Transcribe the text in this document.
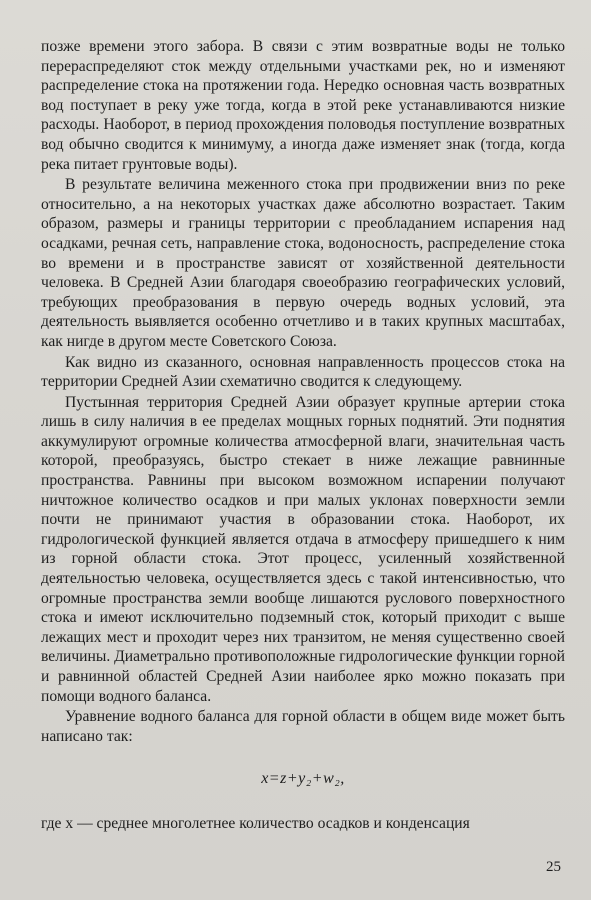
позже времени этого забора. В связи с этим возвратные воды не только перераспределяют сток между отдельными участками рек, но и изменяют распределение стока на протяжении года. Нередко основная часть возвратных вод поступает в реку уже тогда, когда в этой реке устанавливаются низкие расходы. Наоборот, в период прохождения половодья поступление возвратных вод обычно сводится к минимуму, а иногда даже изменяет знак (тогда, когда река питает грунтовые воды).

В результате величина меженного стока при продвижении вниз по реке относительно, а на некоторых участках даже абсолютно возрастает. Таким образом, размеры и границы территории с преобладанием испарения над осадками, речная сеть, направление стока, водоносность, распределение стока во времени и в пространстве зависят от хозяйственной деятельности человека. В Средней Азии благодаря своеобразию географических условий, требующих преобразования в первую очередь водных условий, эта деятельность выявляется особенно отчетливо и в таких крупных масштабах, как нигде в другом месте Советского Союза.

Как видно из сказанного, основная направленность процессов стока на территории Средней Азии схематично сводится к следующему.

Пустынная территория Средней Азии образует крупные артерии стока лишь в силу наличия в ее пределах мощных горных поднятий. Эти поднятия аккумулируют огромные количества атмосферной влаги, значительная часть которой, преобразуясь, быстро стекает в ниже лежащие равнинные пространства. Равнины при высоком возможном испарении получают ничтожное количество осадков и при малых уклонах поверхности земли почти не принимают участия в образовании стока. Наоборот, их гидрологической функцией является отдача в атмосферу пришедшего к ним из горной области стока. Этот процесс, усиленный хозяйственной деятельностью человека, осуществляется здесь с такой интенсивностью, что огромные пространства земли вообще лишаются руслового поверхностного стока и имеют исключительно подземный сток, который приходит с выше лежащих мест и проходит через них транзитом, не меняя существенно своей величины. Диаметрально противоположные гидрологические функции горной и равнинной областей Средней Азии наиболее ярко можно показать при помощи водного баланса.

Уравнение водного баланса для горной области в общем виде может быть написано так:

x=z+y₂+w₂,

где x — среднее многолетнее количество осадков и конденсация

25
